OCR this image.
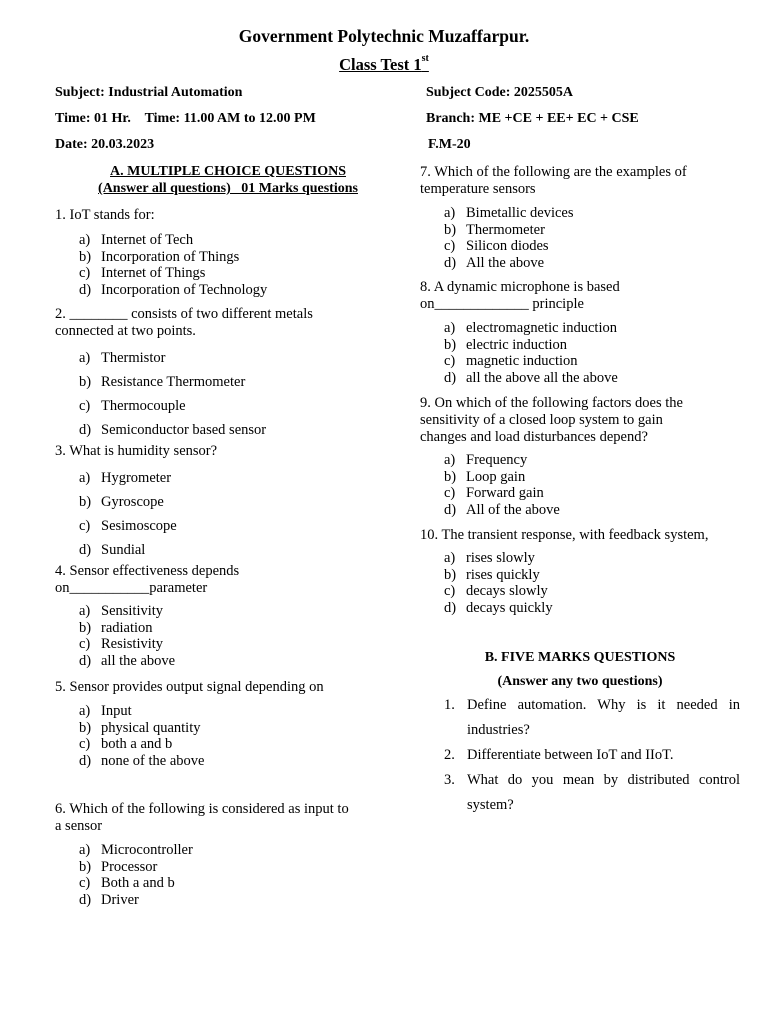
Government Polytechnic Muzaffarpur.
Class Test 1st
Subject: Industrial Automation	Subject Code: 2025505A
Time: 01 Hr.    Time: 11.00 AM to 12.00 PM	Branch: ME +CE + EE+ EC + CSE
Date: 20.03.2023	F.M-20
A. MULTIPLE CHOICE QUESTIONS
(Answer all questions)   01 Marks questions
1. IoT stands for:
a) Internet of Tech
b) Incorporation of Things
c) Internet of Things
d) Incorporation of Technology
2. ________ consists of two different metals
connected at two points.
a) Thermistor
b) Resistance Thermometer
c) Thermocouple
d) Semiconductor based sensor
3. What is humidity sensor?
a) Hygrometer
b) Gyroscope
c) Sesimoscope
d) Sundial
4. Sensor effectiveness depends
on___________parameter
a) Sensitivity
b) radiation
c) Resistivity
d) all the above
5. Sensor provides output signal depending on
a) Input
b) physical quantity
c) both a and b
d) none of the above
6. Which of the following is considered as input to
a sensor
a) Microcontroller
b) Processor
c) Both a and b
d) Driver
7. Which of the following are the examples of
temperature sensors
a) Bimetallic devices
b) Thermometer
c) Silicon diodes
d) All the above
8. A dynamic microphone is based
on_____________ principle
a) electromagnetic induction
b) electric induction
c) magnetic induction
d) all the above all the above
9. On which of the following factors does the
sensitivity of a closed loop system to gain
changes and load disturbances depend?
a) Frequency
b) Loop gain
c) Forward gain
d) All of the above
10. The transient response, with feedback system,
a) rises slowly
b) rises quickly
c) decays slowly
d) decays quickly
B. FIVE MARKS QUESTIONS
(Answer any two questions)
1. Define  automation.  Why  is  it  needed  in
industries?
2. Differentiate between IoT and IIoT.
3. What  do  you  mean  by  distributed  control
system?
